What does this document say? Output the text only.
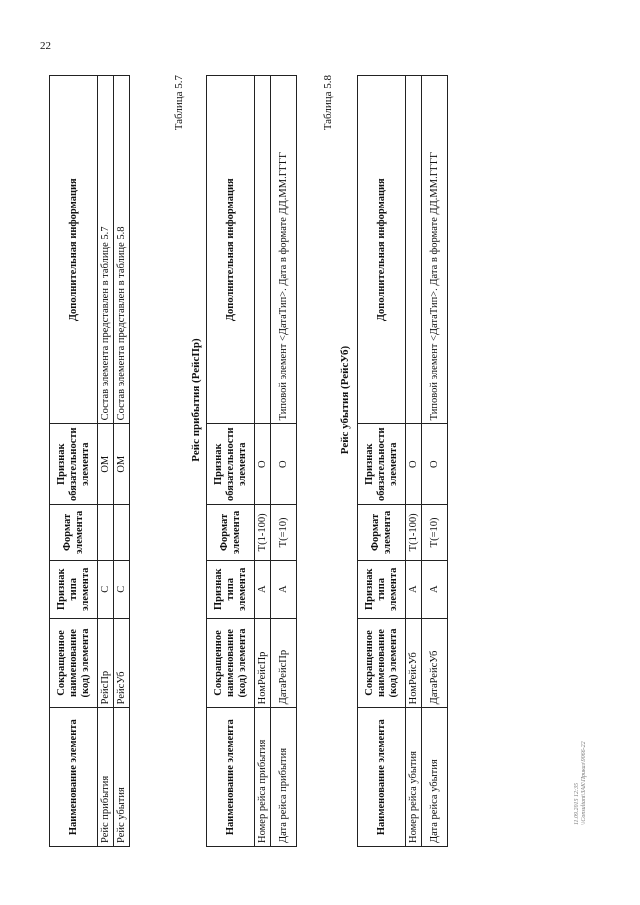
22
Наименование элемента	Сокращенное наименование (код) элемента	Признак типа элемента	Формат элемента	Признак обязательности элемента	Дополнительная информация
Рейс прибытия	РейсПр	С		ОМ	Состав элемента представлен в таблице 5.7
Рейс убытия	РейсУб	С		ОМ	Состав элемента представлен в таблице 5.8
Таблица 5.7
Рейс прибытия (РейсПр)
Наименование элемента	Сокращенное наименование (код) элемента	Признак типа элемента	Формат элемента	Признак обязательности элемента	Дополнительная информация
Номер рейса прибытия	НомРейсПр	А	Т(1-100)	О	
Дата рейса прибытия	ДатаРейсПр	А	Т(=10)	О	Типовой элемент <ДатаТип>. Дата в формате ДД.ММ.ГГГГ
Таблица 5.8
Рейс убытия (РейсУб)
Наименование элемента	Сокращенное наименование (код) элемента	Признак типа элемента	Формат элемента	Признак обязательности элемента	Дополнительная информация
Номер рейса убытия	НомРейсУб	А	Т(1-100)	О	
Дата рейса убытия	ДатаРейсУб	А	Т(=10)	О	Типовой элемент <ДатаТип>. Дата в формате ДД.ММ.ГГГГ
11.09.2015 12:35 \\Consultant\ЗАК\Приказ\9066-22
